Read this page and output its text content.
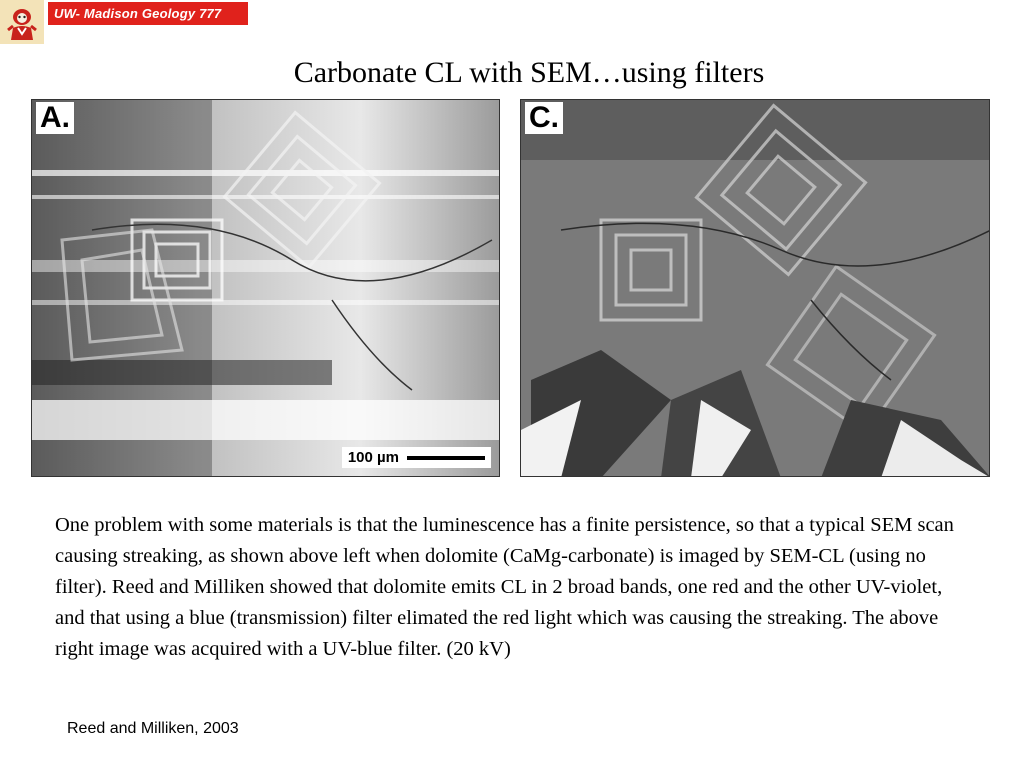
UW- Madison Geology 777
Carbonate CL with SEM…using filters
A.
100 µm
C.

One problem with some materials is that the luminescence has a finite persistence, so that a typical SEM scan causing streaking, as shown above left when dolomite (CaMg-carbonate) is imaged by SEM-CL (using no filter). Reed and Milliken showed that dolomite emits CL in 2 broad bands, one red and the other UV-violet, and that using a blue (transmission) filter elimated the red light which was causing the streaking. The above right image was acquired with a UV-blue filter. (20 kV)

Reed and Milliken, 2003
